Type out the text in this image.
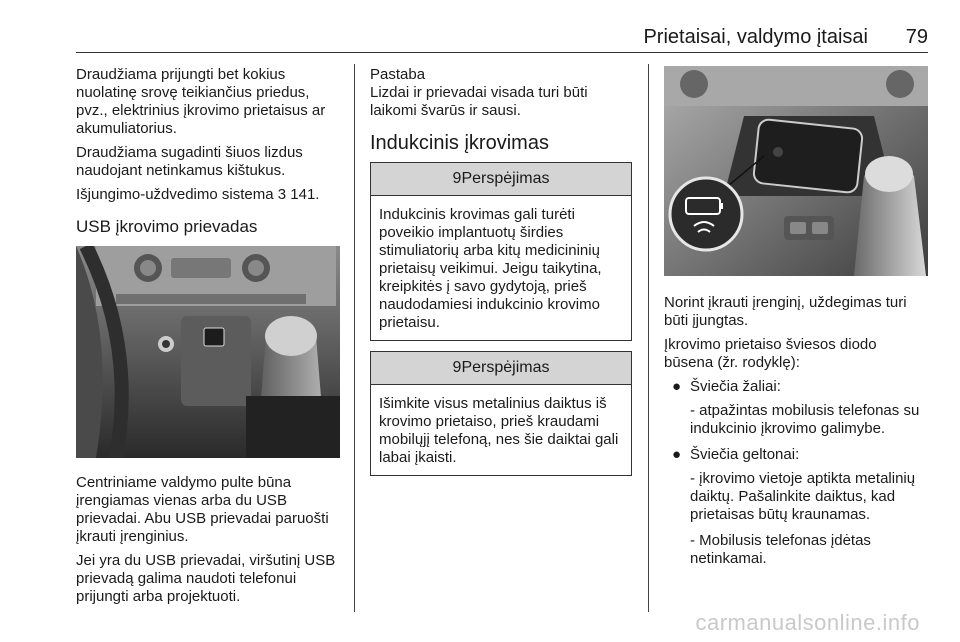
Prietaisai, valdymo įtaisai 79

Draudžiama prijungti bet kokius nuolatinę srovę teikiančius priedus, pvz., elektrinius įkrovimo prietaisus ar akumuliatorius.

Draudžiama sugadinti šiuos lizdus naudojant netinkamus kištukus.

Išjungimo-uždvedimo sistema 3 141.

USB įkrovimo prievadas

Centriniame valdymo pulte būna įrengiamas vienas arba du USB prievadai. Abu USB prievadai paruošti įkrauti įrenginius.

Jei yra du USB prievadai, viršutinį USB prievadą galima naudoti telefonui prijungti arba projektuoti.

Pastaba

Lizdai ir prievadai visada turi būti laikomi švarūs ir sausi.

Indukcinis įkrovimas
9Perspėjimas
Indukcinis krovimas gali turėti poveikio implantuotų širdies stimuliatorių arba kitų medicininių prietaisų veikimui. Jeigu taikytina, kreipkitės į savo gydytoją, prieš naudodamiesi indukcinio krovimo prietaisu.
9Perspėjimas
Išimkite visus metalinius daiktus iš krovimo prietaiso, prieš kraudami mobilųjį telefoną, nes šie daiktai gali labai įkaisti.

Norint įkrauti įrenginį, uždegimas turi būti įjungtas.

Įkrovimo prietaiso šviesos diodo būsena (žr. rodyklę):

● Šviečia žaliai:
- atpažintas mobilusis telefonas su indukcinio įkrovimo galimybe.
● Šviečia geltonai:
- įkrovimo vietoje aptikta metalinių daiktų. Pašalinkite daiktus, kad prietaisas būtų kraunamas.
- Mobilusis telefonas įdėtas netinkamai.
carmanualsonline.info
